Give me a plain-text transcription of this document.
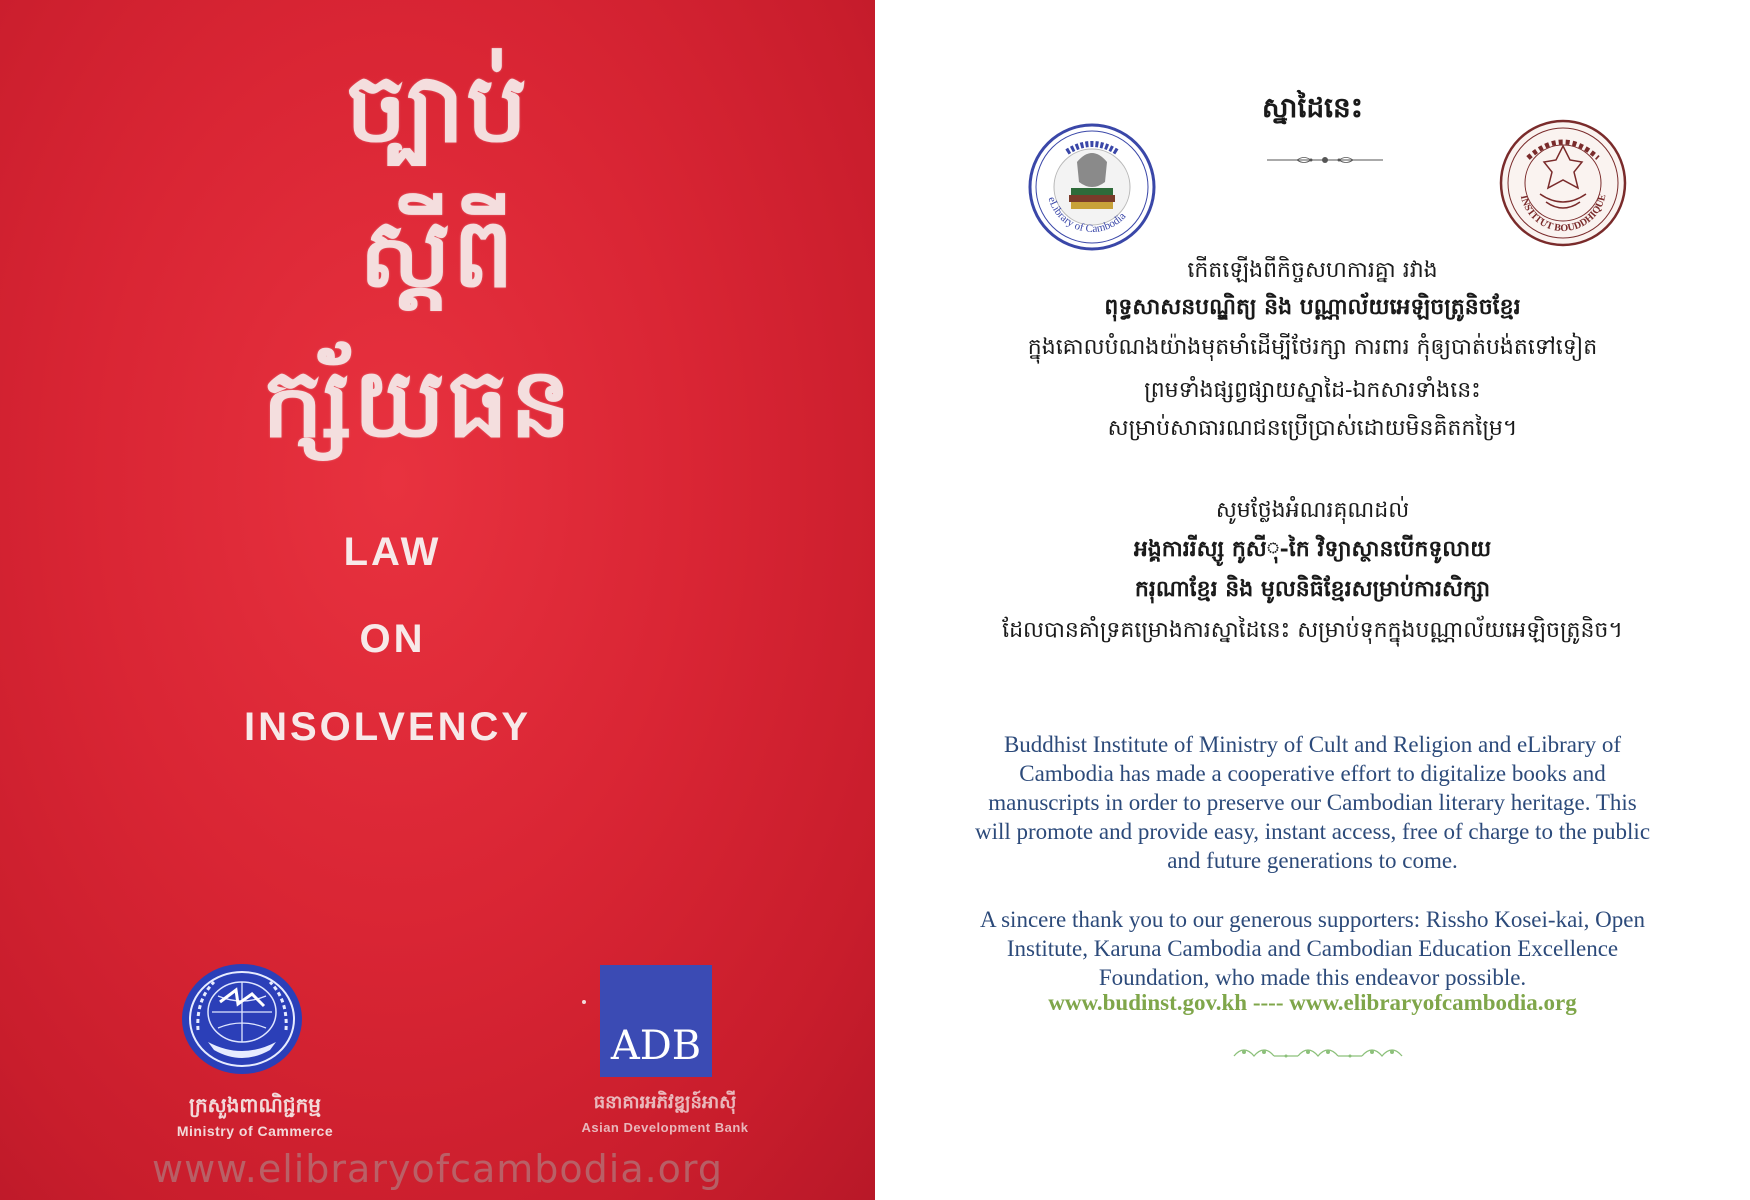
ច្បាប់
ស្តីពី
ក្ស័យធន
LAW
ON
INSOLVENCY
ក្រសួងពាណិជ្ជកម្ម
Ministry of Cammerce
ADB
ធនាគារអភិវឌ្ឍន៍អាស៊ី
Asian Development Bank
www.elibraryofcambodia.org
eLibrary of Cambodia
ស្នាដៃនេះ
INSTITUT BOUDDHIQUE
កើតឡើងពីកិច្ចសហការគ្នា រវាង
ពុទ្ធសាសនបណ្ឌិត្យ និង បណ្ណាល័យអេឡិចត្រូនិចខ្មែរ
ក្នុងគោលបំណងយ៉ាងមុតមាំដើម្បីថែរក្សា ការពារ កុំឲ្យបាត់បង់តទៅទៀត
ព្រមទាំងផ្សព្វផ្សាយស្នាដៃ-ឯកសារទាំងនេះ
សម្រាប់សាធារណជនប្រើប្រាស់ដោយមិនគិតកម្រៃ។
សូមថ្លែងអំណរគុណដល់
អង្គការរីស្សូ កូសីុ-កៃ វិទ្យាស្ថានបើកទូលាយ
ករុណាខ្មែរ និង មូលនិធិខ្មែរសម្រាប់ការសិក្សា
ដែលបានគាំទ្រគម្រោងការស្នាដៃនេះ សម្រាប់ទុកក្នុងបណ្ណាល័យអេឡិចត្រូនិច។
Buddhist Institute of Ministry of Cult and Religion and eLibrary of
Cambodia has made a cooperative effort to digitalize books and
manuscripts in order to preserve our Cambodian literary heritage. This
will promote and provide easy, instant access, free of charge to the public
and future generations to come.
A sincere thank you to our generous supporters: Rissho Kosei-kai, Open
Institute, Karuna Cambodia and Cambodian Education Excellence
Foundation, who made this endeavor possible.
www.budinst.gov.kh ---- www.elibraryofcambodia.org
